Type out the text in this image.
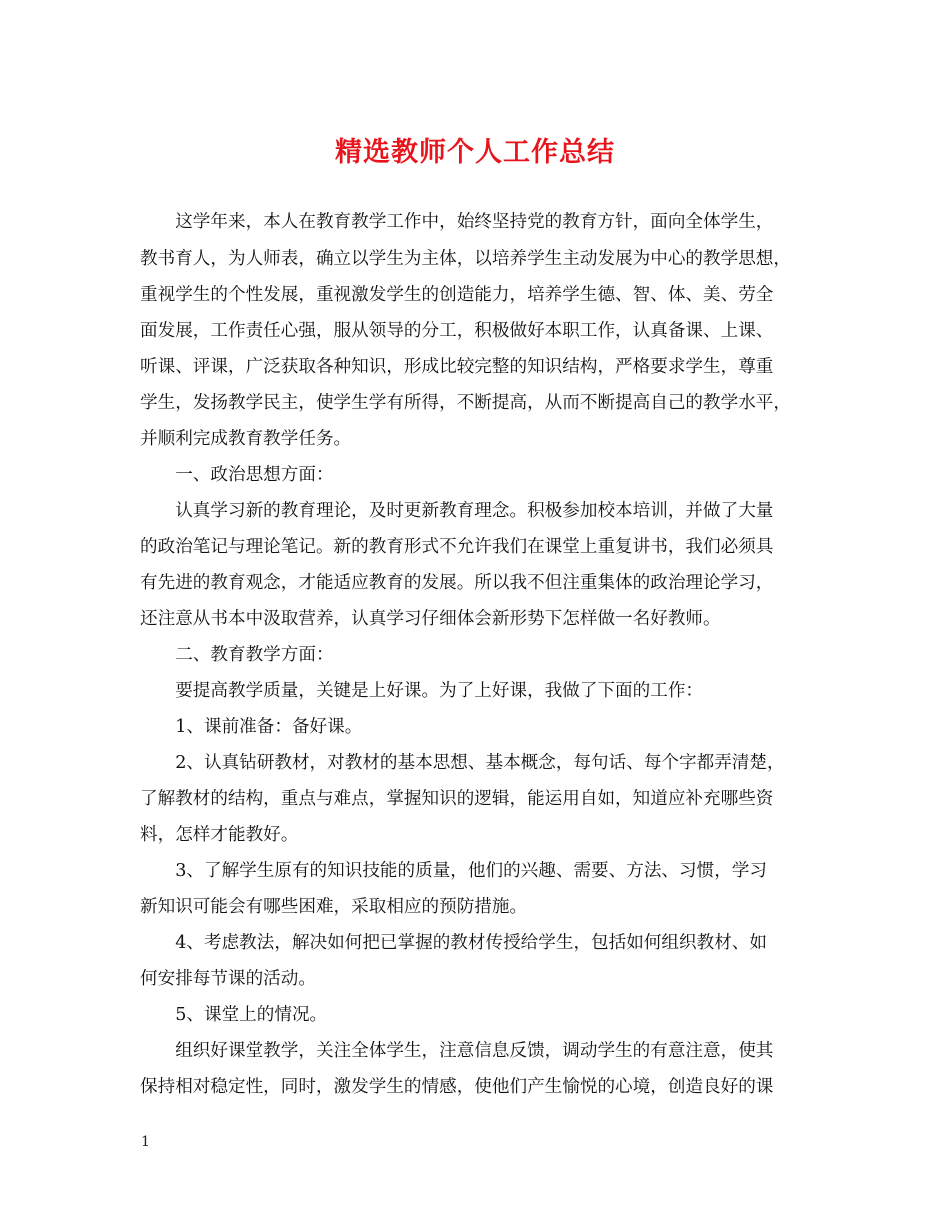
精选教师个人工作总结
　　这学年来，本人在教育教学工作中，始终坚持党的教育方针，面向全体学生，
教书育人，为人师表，确立以学生为主体，以培养学生主动发展为中心的教学思想，
重视学生的个性发展，重视激发学生的创造能力，培养学生德、智、体、美、劳全
面发展，工作责任心强，服从领导的分工，积极做好本职工作，认真备课、上课、
听课、评课，广泛获取各种知识，形成比较完整的知识结构，严格要求学生，尊重
学生，发扬教学民主，使学生学有所得，不断提高，从而不断提高自己的教学水平，
并顺利完成教育教学任务。
　　一、政治思想方面：
　　认真学习新的教育理论，及时更新教育理念。积极参加校本培训，并做了大量
的政治笔记与理论笔记。新的教育形式不允许我们在课堂上重复讲书，我们必须具
有先进的教育观念，才能适应教育的发展。所以我不但注重集体的政治理论学习，
还注意从书本中汲取营养，认真学习仔细体会新形势下怎样做一名好教师。
　　二、教育教学方面：
　　要提高教学质量，关键是上好课。为了上好课，我做了下面的工作：
　　1、课前准备：备好课。
　　2、认真钻研教材，对教材的基本思想、基本概念，每句话、每个字都弄清楚，
了解教材的结构，重点与难点，掌握知识的逻辑，能运用自如，知道应补充哪些资
料，怎样才能教好。
　　3、了解学生原有的知识技能的质量，他们的兴趣、需要、方法、习惯，学习
新知识可能会有哪些困难，采取相应的预防措施。
　　4、考虑教法，解决如何把已掌握的教材传授给学生，包括如何组织教材、如
何安排每节课的活动。
　　5、课堂上的情况。
　　组织好课堂教学，关注全体学生，注意信息反馈，调动学生的有意注意，使其
保持相对稳定性，同时，激发学生的情感，使他们产生愉悦的心境，创造良好的课
1
